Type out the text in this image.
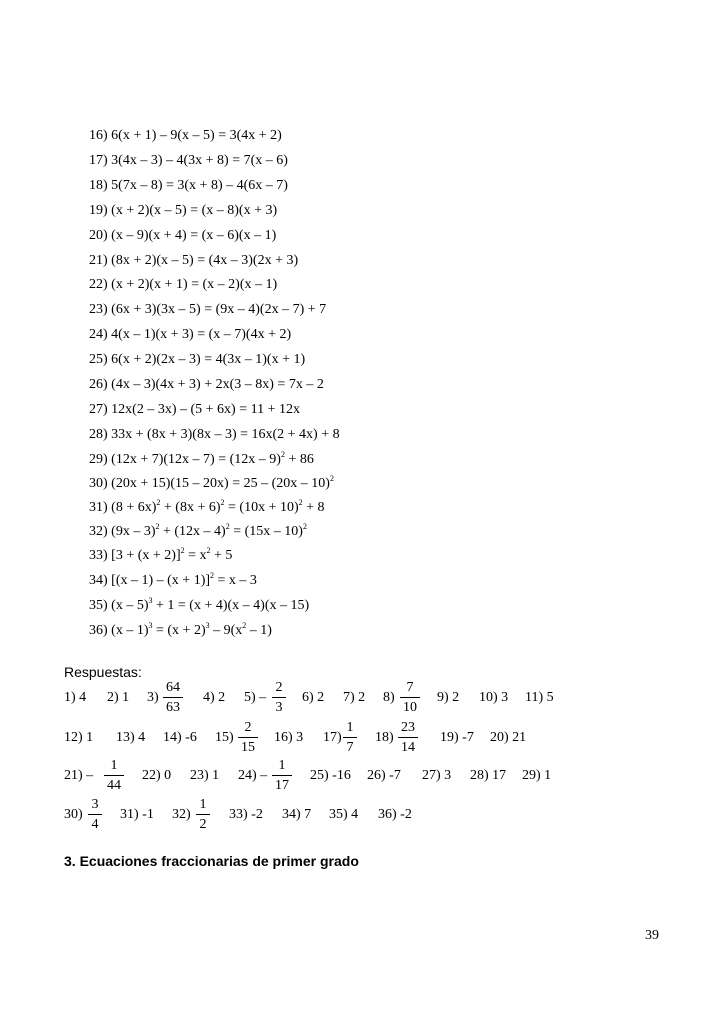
16) 6(x + 1) – 9(x – 5) = 3(4x + 2)
17) 3(4x – 3) – 4(3x + 8) = 7(x – 6)
18) 5(7x – 8) = 3(x + 8) – 4(6x – 7)
19) (x + 2)(x – 5) = (x – 8)(x + 3)
20) (x – 9)(x + 4) = (x – 6)(x – 1)
21) (8x + 2)(x – 5) = (4x – 3)(2x + 3)
22) (x + 2)(x + 1) = (x – 2)(x – 1)
23) (6x + 3)(3x – 5) = (9x – 4)(2x – 7) + 7
24) 4(x – 1)(x + 3) = (x – 7)(4x + 2)
25) 6(x + 2)(2x – 3) = 4(3x – 1)(x + 1)
26) (4x – 3)(4x + 3) + 2x(3 – 8x) = 7x – 2
27) 12x(2 – 3x) – (5 + 6x) = 11 + 12x
28) 33x + (8x + 3)(8x – 3) = 16x(2 + 4x) + 8
29) (12x + 7)(12x – 7) = (12x – 9)$^2$ + 86
30) (20x + 15)(15 – 20x) = 25 – (20x – 10)$^2$
31) $(8 + 6x)^2 + (8x + 6)^2 = (10x + 10)^2 + 8$
32) (9x – 3)$^2$ + (12x – 4)$^2$ = (15x – 10)$^2$
33) $[3 + (x + 2)]^2 = x^2 + 5$
34) $[(x - 1) - (x + 1)]^2 = x - 3$
35) (x – 5)$^3$ + 1 = (x + 4)(x – 4)(x – 15)
36) $(x - 1)^3 = (x + 2)^3 - 9(x^2 - 1)$
Respuestas:
1) 4 2) 1 3)
64
63
4) 2 5) –
2
3
6) 2 7) 2 8)
7
10
9) 2 10) 3 11) 5
12) 1 13) 4 14) -6 15)
2
15
16) 3 17)
1
7
18)
23
14
19) -7 20) 21
21) –
1
44
22) 0 23) 1 24) –
1
17
25) -16 26) -7 27) 3 28) 17 29) 1
30)
3
4
31) -1 32)
1
2
33) -2 34) 7 35) 4 36) -2
3. Ecuaciones fraccionarias de primer grado
39
